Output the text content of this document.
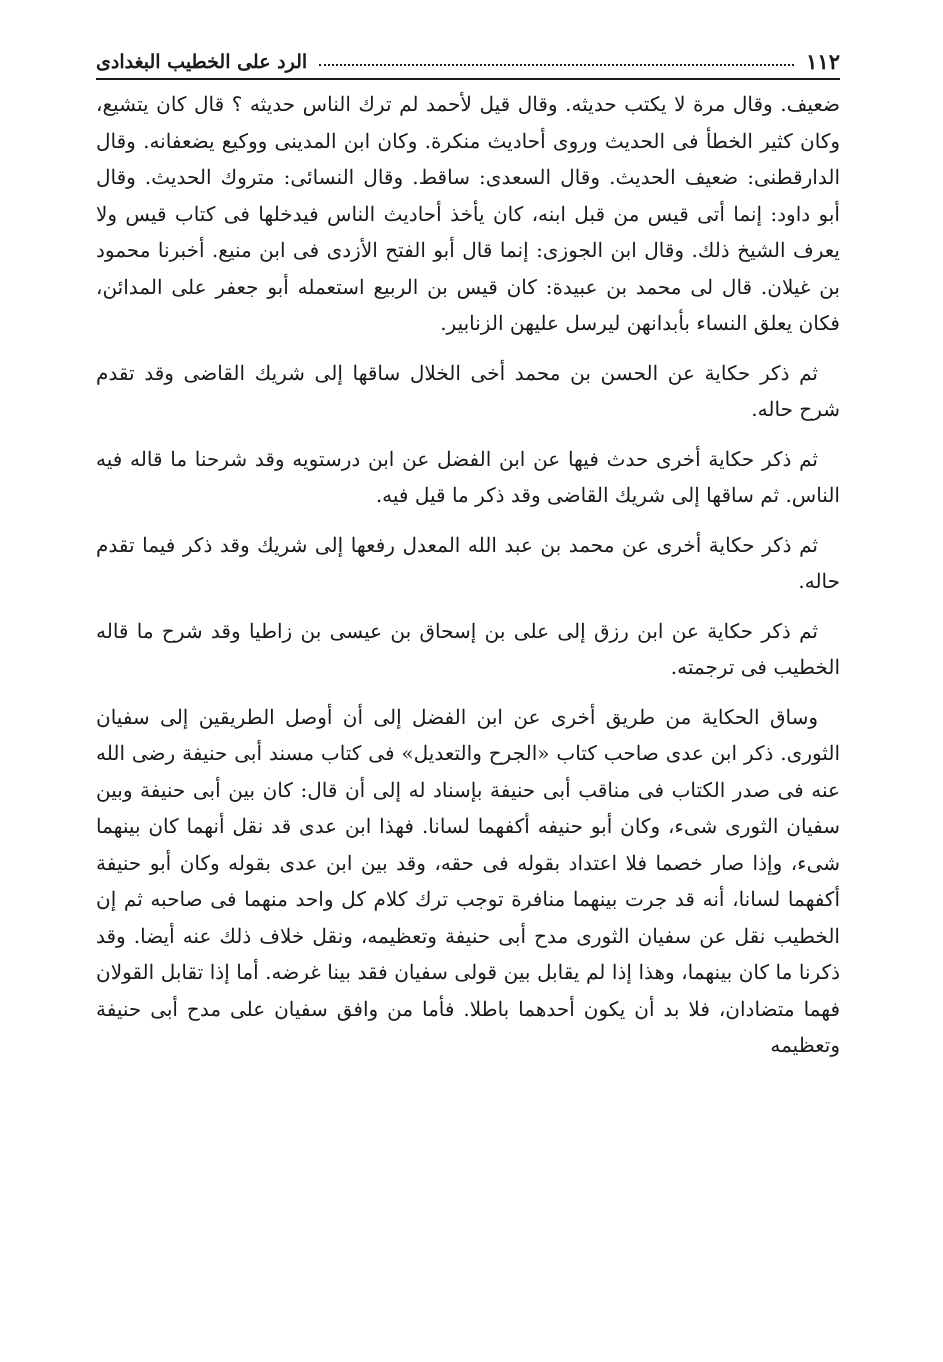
١١٢
الرد على الخطيب البغدادى

ضعيف. وقال مرة لا يكتب حديثه. وقال قيل لأحمد لم ترك الناس حديثه ؟ قال كان يتشيع، وكان كثير الخطأ فى الحديث وروى أحاديث منكرة. وكان ابن المدينى ووكيع يضعفانه. وقال الدارقطنى: ضعيف الحديث. وقال السعدى: ساقط. وقال النسائى: متروك الحديث. وقال أبو داود: إنما أتى قيس من قبل ابنه، كان يأخذ أحاديث الناس فيدخلها فى كتاب قيس ولا يعرف الشيخ ذلك. وقال ابن الجوزى: إنما قال أبو الفتح الأزدى فى ابن منيع. أخبرنا محمود بن غيلان. قال لى محمد بن عبيدة: كان قيس بن الربيع استعمله أبو جعفر على المدائن، فكان يعلق النساء بأبدانهن ليرسل عليهن الزنابير.

ثم ذكر حكاية عن الحسن بن محمد أخى الخلال ساقها إلى شريك القاضى وقد تقدم شرح حاله.

ثم ذكر حكاية أخرى حدث فيها عن ابن الفضل عن ابن درستويه وقد شرحنا ما قاله فيه الناس. ثم ساقها إلى شريك القاضى وقد ذكر ما قيل فيه.

ثم ذكر حكاية أخرى عن محمد بن عبد الله المعدل رفعها إلى شريك وقد ذكر فيما تقدم حاله.

ثم ذكر حكاية عن ابن رزق إلى على بن إسحاق بن عيسى بن زاطيا وقد شرح ما قاله الخطيب فى ترجمته.

وساق الحكاية من طريق أخرى عن ابن الفضل إلى أن أوصل الطريقين إلى سفيان الثورى. ذكر ابن عدى صاحب كتاب «الجرح والتعديل» فى كتاب مسند أبى حنيفة رضى الله عنه فى صدر الكتاب فى مناقب أبى حنيفة بإسناد له إلى أن قال: كان بين أبى حنيفة وبين سفيان الثورى شىء، وكان أبو حنيفه أكفهما لسانا. فهذا ابن عدى قد نقل أنهما كان بينهما شىء، وإذا صار خصما فلا اعتداد بقوله فى حقه، وقد بين ابن عدى بقوله وكان أبو حنيفة أكفهما لسانا، أنه قد جرت بينهما منافرة توجب ترك كلام كل واحد منهما فى صاحبه ثم إن الخطيب نقل عن سفيان الثورى مدح أبى حنيفة وتعظيمه، ونقل خلاف ذلك عنه أيضا. وقد ذكرنا ما كان بينهما، وهذا إذا لم يقابل بين قولى سفيان فقد بينا غرضه. أما إذا تقابل القولان فهما متضادان، فلا بد أن يكون أحدهما باطلا. فأما من وافق سفيان على مدح أبى حنيفة وتعظيمه
